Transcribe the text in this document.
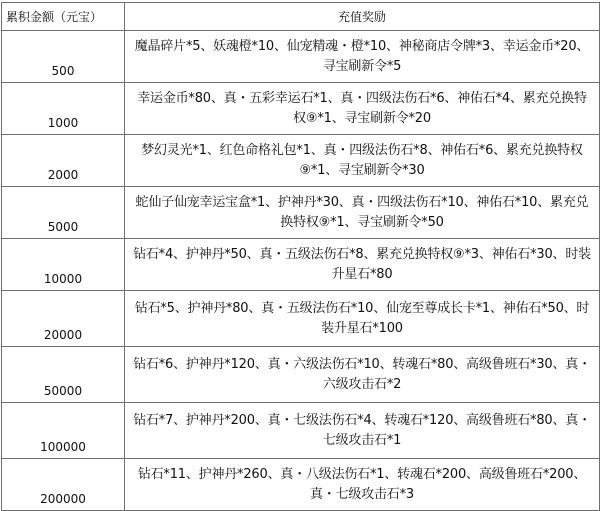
累积金额（元宝）	充值奖励
500	魔晶碎片*5、妖魂橙*10、仙宠精魂・橙*10、神秘商店令牌*3、幸运金币*20、寻宝刷新令*5
1000	幸运金币*80、真・五彩幸运石*1、真・四级法伤石*6、神佑石*4、累充兑换特权⑨*1、寻宝刷新令*20
2000	梦幻灵光*1、红色命格礼包*1、真・四级法伤石*8、神佑石*6、累充兑换特权⑨*1、寻宝刷新令*30
5000	蛇仙子仙宠幸运宝盒*1、护神丹*30、真・四级法伤石*10、神佑石*10、累充兑换特权⑨*1、寻宝刷新令*50
10000	钻石*4、护神丹*50、真・五级法伤石*8、累充兑换特权⑨*3、神佑石*30、时装升星石*80
20000	钻石*5、护神丹*80、真・五级法伤石*10、仙宠至尊成长卡*1、神佑石*50、时装升星石*100
50000	钻石*6、护神丹*120、真・六级法伤石*10、转魂石*80、高级鲁班石*30、真・六级攻击石*2
100000	钻石*7、护神丹*200、真・七级法伤石*4、转魂石*120、高级鲁班石*80、真・七级攻击石*1
200000	钻石*11、护神丹*260、真・八级法伤石*1、转魂石*200、高级鲁班石*200、真・七级攻击石*3
